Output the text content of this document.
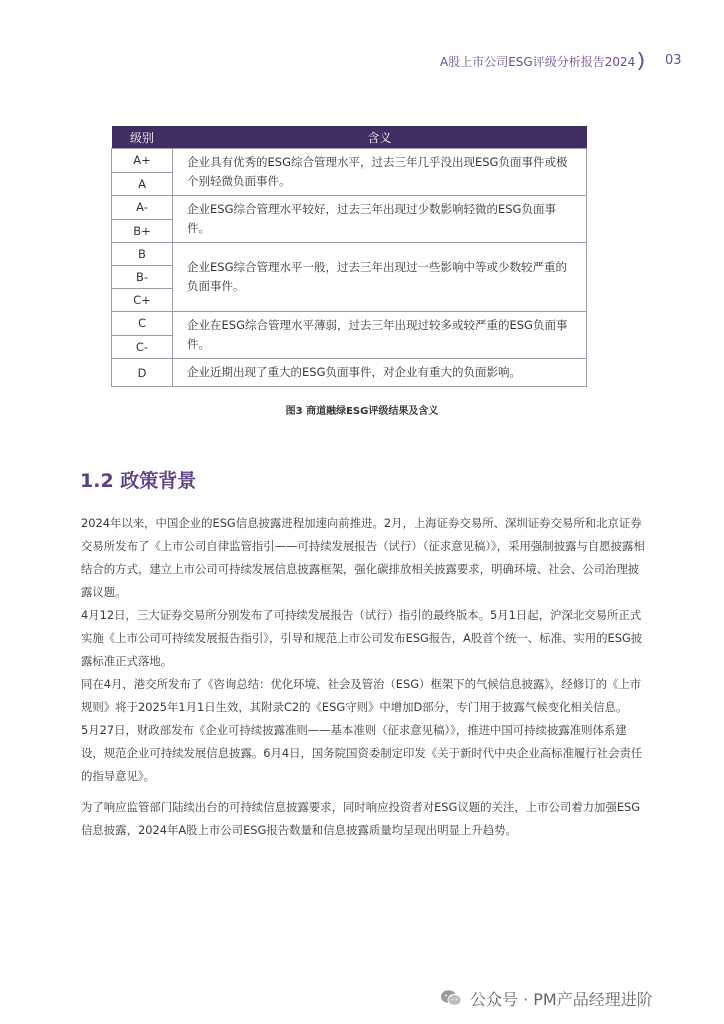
A股上市公司ESG评级分析报告2024 03
级别	含义
A+	企业具有优秀的ESG综合管理水平，过去三年几乎没出现ESG负面事件或极个别轻微负面事件。
A	
A-	企业ESG综合管理水平较好，过去三年出现过少数影响轻微的ESG负面事件。
B+	
B	企业ESG综合管理水平一般，过去三年出现过一些影响中等或少数较严重的负面事件。
B-	
C+	
C	企业在ESG综合管理水平薄弱，过去三年出现过较多或较严重的ESG负面事件。
C-	
D	企业近期出现了重大的ESG负面事件，对企业有重大的负面影响。
图3 商道融绿ESG评级结果及含义
1.2 政策背景

2024年以来，中国企业的ESG信息披露进程加速向前推进。2月，上海证券交易所、深圳证券交易所和北京证券交易所发布了《上市公司自律监管指引——可持续发展报告（试行）（征求意见稿）》，采用强制披露与自愿披露相结合的方式，建立上市公司可持续发展信息披露框架，强化碳排放相关披露要求，明确环境、社会、公司治理披露议题。

4月12日，三大证券交易所分别发布了可持续发展报告（试行）指引的最终版本。5月1日起，沪深北交易所正式实施《上市公司可持续发展报告指引》，引导和规范上市公司发布ESG报告，A股首个统一、标准、实用的ESG披露标准正式落地。

同在4月，港交所发布了《咨询总结：优化环境、社会及管治（ESG）框架下的气候信息披露》，经修订的《上市规则》将于2025年1月1日生效，其附录C2的《ESG守则》中增加D部分，专门用于披露气候变化相关信息。

5月27日，财政部发布《企业可持续披露准则——基本准则（征求意见稿）》，推进中国可持续披露准则体系建设，规范企业可持续发展信息披露。6月4日，国务院国资委制定印发《关于新时代中央企业高标准履行社会责任的指导意见》。

为了响应监管部门陆续出台的可持续信息披露要求，同时响应投资者对ESG议题的关注，上市公司着力加强ESG信息披露，2024年A股上市公司ESG报告数量和信息披露质量均呈现出明显上升趋势。

公众号 · PM产品经理进阶
